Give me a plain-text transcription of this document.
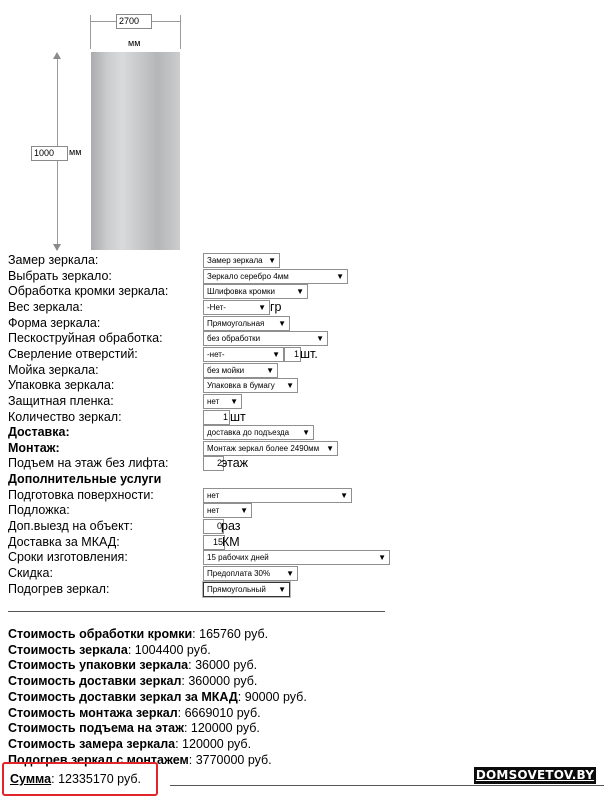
2700
мм
1000
мм
Замер зеркала:	Замер зеркала ▼
Выбрать зеркало:	Зеркало серебро 4мм	▼
Обработка кромки зеркала:	Шлифовка кромки	▼
Вес зеркала:	-Нет-	▼ гр
Форма зеркала:	Прямоугольная ▼
Пескоструйная обработка:	без обработки	▼
Сверление отверстий:	-нет-	▼	1 шт.
Мойка зеркала:	без мойки	▼
Упаковка зеркала:	Упаковка в бумагу ▼
Защитная пленка:	нет ▼
Количество зеркал:	1 шт
Доставка:	доставка до подъезда ▼
Монтаж:	Монтаж зеркал более 2490мм ▼
Подъем на этаж без лифта:	2 этаж
Дополнительные услуги
Подготовка поверхности:	нет	▼
Подложка:	нет	▼
Доп.выезд на объект:	0 раз
Доставка за МКАД:	15 КМ
Сроки изготовления:	15 рабочих дней	▼
Скидка:	Предоплата 30% ▼
Подогрев зеркал:	Прямоугольный ▼
Стоимость обработки кромки: 165760 руб.
Стоимость зеркала: 1004400 руб.
Стоимость упаковки зеркала: 36000 руб.
Стоимость доставки зеркал: 360000 руб.
Стоимость доставки зеркал за МКАД: 90000 руб.
Стоимость монтажа зеркал: 6669010 руб.
Стоимость подъема на этаж: 120000 руб.
Стоимость замера зеркала: 120000 руб.
Подогрев зеркал с монтажем: 3770000 руб.
Сумма: 12335170 руб.	DOMSOVETOV.BY
